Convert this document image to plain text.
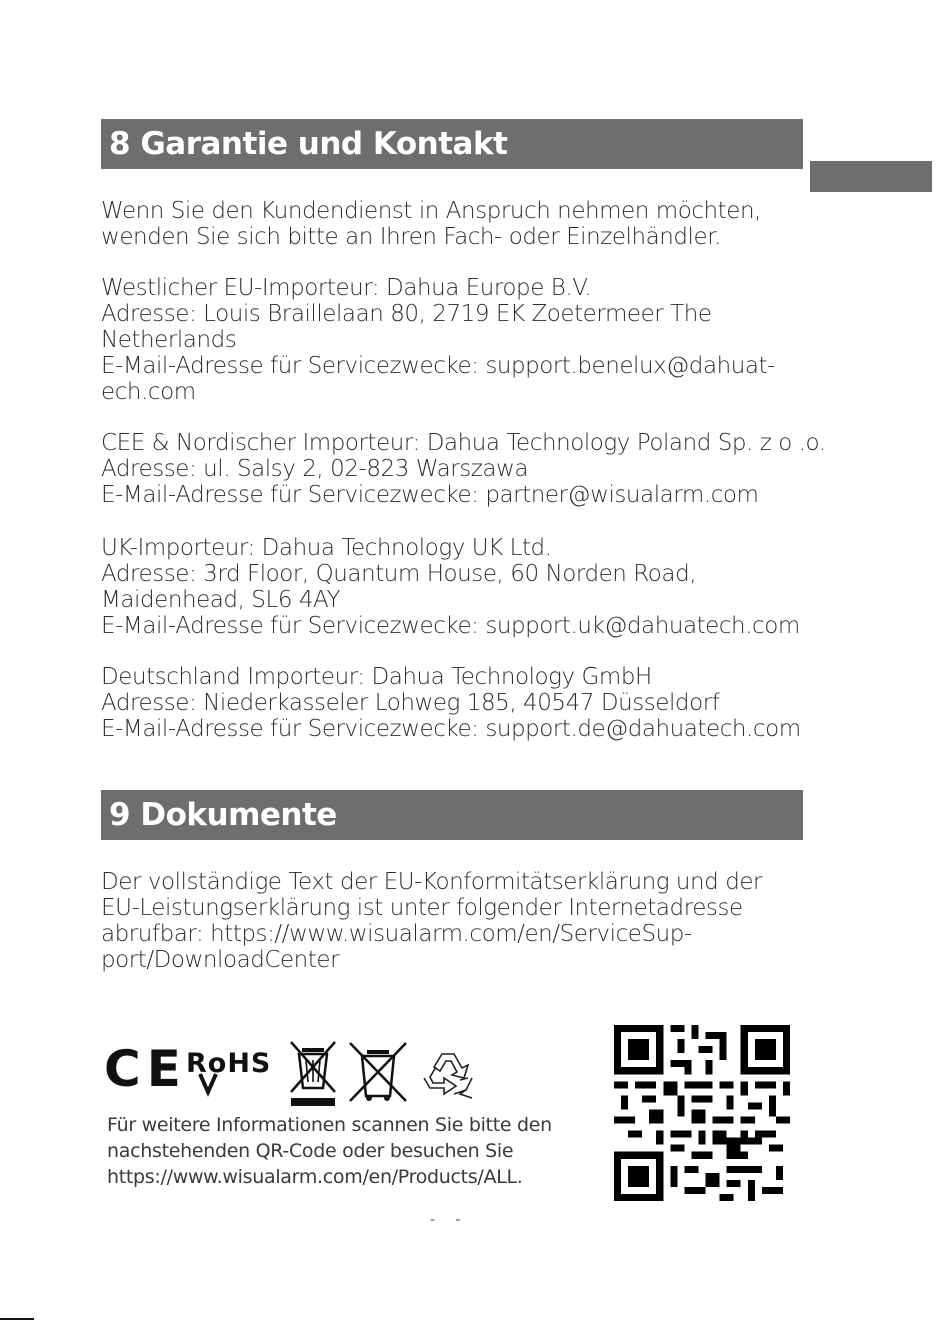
8 Garantie und Kontakt
Wenn Sie den Kundendienst in Anspruch nehmen möchten,
wenden Sie sich bitte an Ihren Fach- oder Einzelhändler.
Westlicher EU-Importeur: Dahua Europe B.V.
Adresse: Louis Braillelaan 80, 2719 EK Zoetermeer The
Netherlands
E-Mail-Adresse für Servicezwecke: support.benelux@dahuat-
ech.com
CEE & Nordischer Importeur: Dahua Technology Poland Sp. z o .o.
Adresse: ul. Salsy 2, 02-823 Warszawa
E-Mail-Adresse für Servicezwecke: partner@wisualarm.com
UK-Importeur: Dahua Technology UK Ltd.
Adresse: 3rd Floor, Quantum House, 60 Norden Road,
Maidenhead, SL6 4AY
E-Mail-Adresse für Servicezwecke: support.uk@dahuatech.com
Deutschland Importeur: Dahua Technology GmbH
Adresse: Niederkasseler Lohweg 185, 40547 Düsseldorf
E-Mail-Adresse für Servicezwecke: support.de@dahuatech.com
9 Dokumente
Der vollständige Text der EU-Konformitätserklärung und der
EU-Leistungserklärung ist unter folgender Internetadresse
abrufbar: https://www.wisualarm.com/en/ServiceSup-
port/DownloadCenter
CE RoHS
Für weitere Informationen scannen Sie bitte den
nachstehenden QR-Code oder besuchen Sie
https://www.wisualarm.com/en/Products/ALL.
- -
